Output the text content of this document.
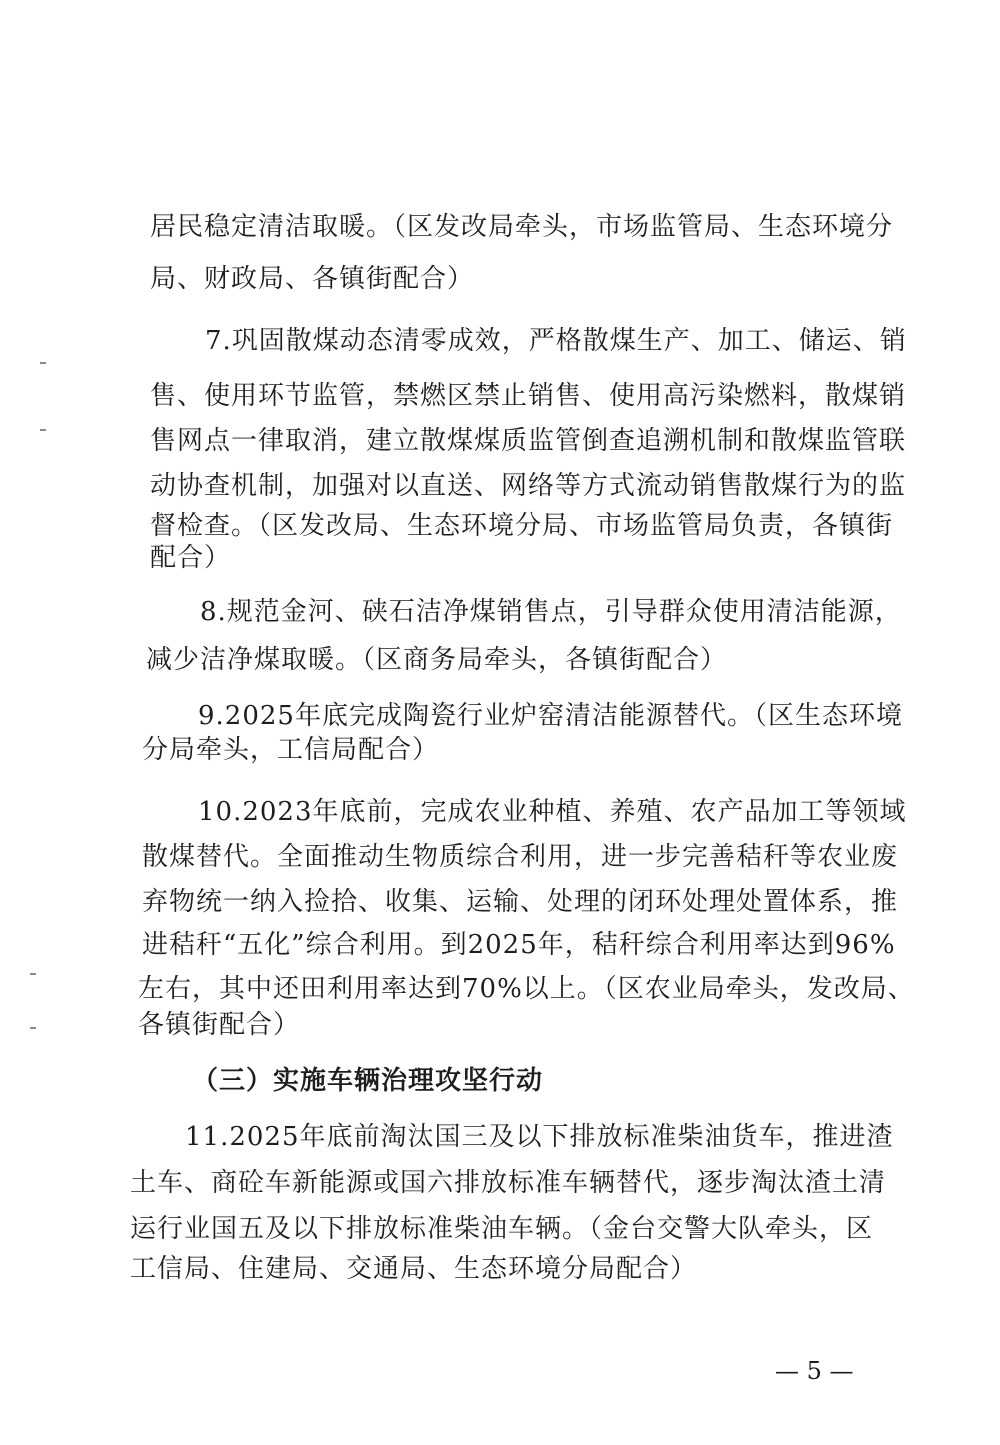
居民稳定清洁取暖。（区发改局牵头，市场监管局、生态环境分

局、财政局、各镇街配合）

7.巩固散煤动态清零成效，严格散煤生产、加工、储运、销

售、使用环节监管，禁燃区禁止销售、使用高污染燃料，散煤销

售网点一律取消，建立散煤煤质监管倒查追溯机制和散煤监管联

动协查机制，加强对以直送、网络等方式流动销售散煤行为的监

督检查。（区发改局、生态环境分局、市场监管局负责，各镇街

配合）

8.规范金河、硖石洁净煤销售点，引导群众使用清洁能源，

减少洁净煤取暖。（区商务局牵头，各镇街配合）

9.2025年底完成陶瓷行业炉窑清洁能源替代。（区生态环境

分局牵头，工信局配合）

10.2023年底前，完成农业种植、养殖、农产品加工等领域

散煤替代。全面推动生物质综合利用，进一步完善秸秆等农业废

弃物统一纳入捡拾、收集、运输、处理的闭环处理处置体系，推

进秸秆“五化”综合利用。到2025年，秸秆综合利用率达到96%

左右，其中还田利用率达到70%以上。（区农业局牵头，发改局、

各镇街配合）

（三）实施车辆治理攻坚行动

11.2025年底前淘汰国三及以下排放标准柴油货车，推进渣

土车、商砼车新能源或国六排放标准车辆替代，逐步淘汰渣土清

运行业国五及以下排放标准柴油车辆。（金台交警大队牵头，区

工信局、住建局、交通局、生态环境分局配合）

— 5 —
